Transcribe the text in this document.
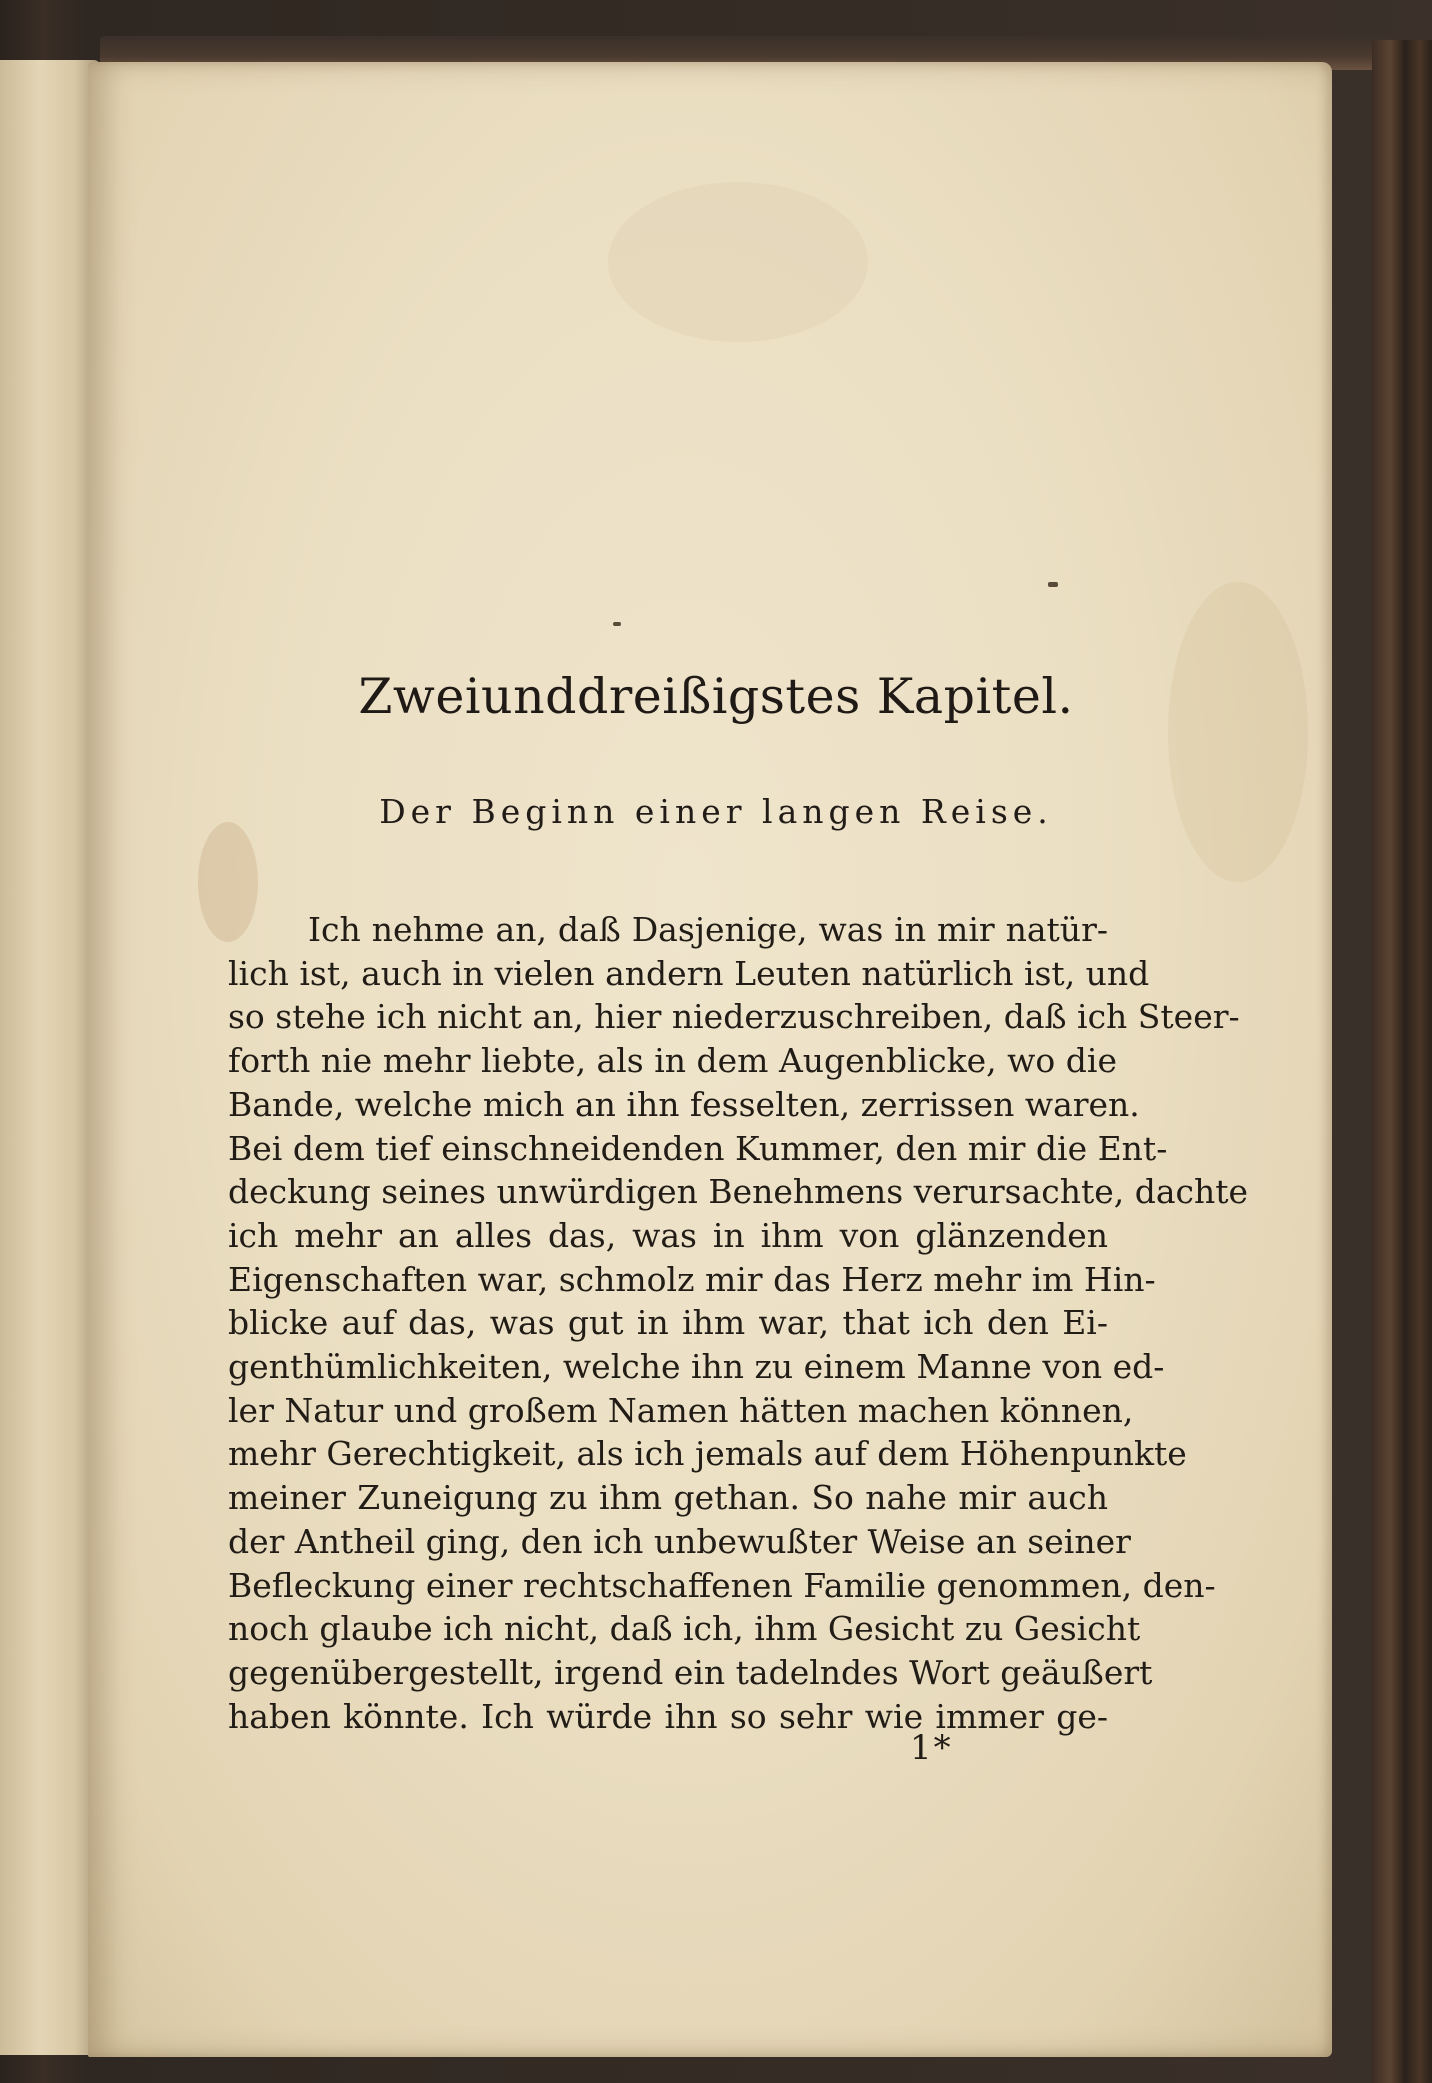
Zweiunddreißigstes Kapitel.
Der Beginn einer langen Reise.
Ich nehme an, daß Dasjenige, was in mir natür-
lich ist, auch in vielen andern Leuten natürlich ist, und
so stehe ich nicht an, hier niederzuschreiben, daß ich Steer-
forth nie mehr liebte, als in dem Augenblicke, wo die
Bande, welche mich an ihn fesselten, zerrissen waren.
Bei dem tief einschneidenden Kummer, den mir die Ent-
deckung seines unwürdigen Benehmens verursachte, dachte
ich mehr an alles das, was in ihm von glänzenden
Eigenschaften war, schmolz mir das Herz mehr im Hin-
blicke auf das, was gut in ihm war, that ich den Ei-
genthümlichkeiten, welche ihn zu einem Manne von ed-
ler Natur und großem Namen hätten machen können,
mehr Gerechtigkeit, als ich jemals auf dem Höhenpunkte
meiner Zuneigung zu ihm gethan. So nahe mir auch
der Antheil ging, den ich unbewußter Weise an seiner
Befleckung einer rechtschaffenen Familie genommen, den-
noch glaube ich nicht, daß ich, ihm Gesicht zu Gesicht
gegenübergestellt, irgend ein tadelndes Wort geäußert
haben könnte. Ich würde ihn so sehr wie immer ge-
1*
